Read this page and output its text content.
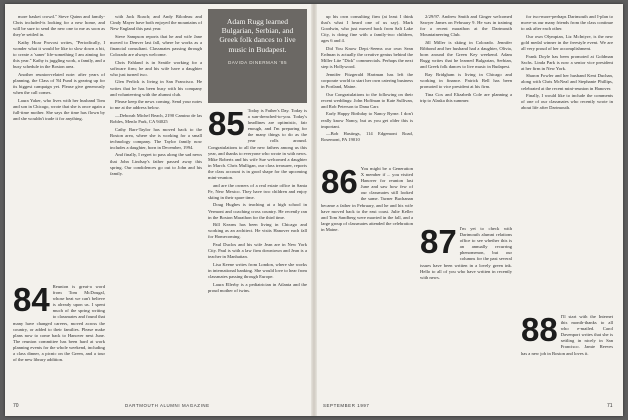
more basket crowd." Steve Quinn and family-Chris included-is looking for a new home, and will be sure to send the new one to me as soon as they're settled in.

Kathy Hoar Provost writes, "Periodically, I wonder what it would be like to slow down a bit, to create a 'saner' life-something I am aiming for this year." Kathy is juggling work, a family, and a busy schedule in the Boston area.

Another reunion-related note: after years of planning, the Class of '84 Fund is gearing up for its biggest campaign yet. Please give generously when the call comes.

Laura Yaker, who lives with her husband Tom and son in Chicago, wrote that she is once again a full-time mother. She says the time has flown by and she wouldn't trade it for anything.

84 Reunion is great-a word from Tom McDougal, whose beat we can't believe is already upon us. I spent much of the spring writing to classmates and found that many have changed careers, moved across the country, or added to their families. Please make plans now to come back to Hanover next June. The reunion committee has been hard at work planning events for the whole weekend, including a class dinner, a picnic on the Green, and a tour of the new library addition.

with Jack Roach; and Andy Bilodeau and Cindy Mayer have both enjoyed the mountains of New England this past year.

Steve Sampson reports that he and wife Jane moved to Denver last fall, where he works as a financial consultant. Classmates passing through Colorado are always welcome.

Chris Fahland is in Seattle working for a software firm; he and his wife have a daughter who just turned two.

Glen Perlick is living in San Francisco. He writes that he has been busy with his company and volunteering with the alumni club.

Please keep the news coming. Send your notes to me at the address below.

—Deborah Michel Beach, 2190 Camino de las Robles, Menlo Park, CA 94025

Cathy Barr-Taylor has moved back to the Boston area, where she is working for a small technology company. The Taylor family now includes a daughter, born in December, 1994.

And finally, I regret to pass along the sad news that John Lindsay's father passed away this spring. Our condolences go out to John and his family.

85 Today is Father's Day. Today is a sun-drenched-to-you. Today's headlines are optimistic, fair enough, and I'm preparing for the many things to do as the year rolls around. Congratulations to all the new fathers among us this year, and thanks to everyone who wrote in with news. Mike Roberts and his wife Sue welcomed a daughter in March. Chris Mulligan, our class treasurer, reports the class account is in good shape for the upcoming mini-reunion.

and are the owners of a real estate office in Santa Fe, New Mexico. They have two children and enjoy skiing in their spare time.

Doug Hughes is teaching at a high school in Vermont and coaching cross country. He recently ran in the Boston Marathon for the third time.

Bill Kearns has been living in Chicago and working as an architect. He visits Hanover each fall for Homecoming.

Paul Duclos and his wife Jean are in New York City. Paul is with a law firm downtown and Jean is a teacher in Manhattan.

Lisa Keene writes from London, where she works in international banking. She would love to hear from classmates passing through Europe.

Laura Ellerby is a pediatrician in Atlanta and the proud mother of twins.

Adam Rugg learned Bulgarian, Serbian, and Greek folk dances to live music in Budapest.
DAVIDA DINERMAN '85
70	DARTMOUTH ALUMNI MAGAZINE

up his own consulting firm (at least I think that's what I heard one of us say). Mark Goodwin, who just moved back from Salt Lake City, is doing fine with a family-two children, ages 6 and 4.

Did You Know Dept.-Seems our own Sean Erdman is actually the creative genius behind the Miller Lite "Dick" commercials. Perhaps the next step is Hollywood.

Jennifer Fitzgerald Hartman has left the corporate world to start her own catering business in Portland, Maine.

Our Congratulations to the following on their recent weddings: John Hoffman to Kate Sullivan, and Rob Peterson to Dana Carr.

Early Happy Birthday to Nancy Byrne. I don't really know Nancy, but as you get older this is important.

—Bob Hastings, 114 Edgemont Road, Rosemont, PA 19010

86 You might be a Generation X member if ... you visited Hanover for reunion last June and saw how few of our classmates still looked the same. Turner Buchanan became a father in February, and he and his wife have moved back to the east coast. Julie Keller and Tom Sandberg were married in the fall, and a large group of classmates attended the celebration in Maine.

2/29/97. Andrew Smith and Ginger welcomed Sawyer James on February 9. He was in training for a recent marathon at the Dartmouth Mountaineering Club.

Jill Miller is skiing in Colorado. Jennifer Ribbond and her husband had a daughter, Olivia, born around the Green Key weekend. Adam Rugg writes that he learned Bulgarian, Serbian, and Greek folk dances to live music in Budapest.

Ray Bridgham is living in Chicago and working in finance. Patrick Bell has been promoted to vice president at his firm.

Tina Cox and Elizabeth Cole are planning a trip to Alaska this summer.

87 I'm yet to check with Dartmouth alumni relations office to see whether this is an annually recurring phenomenon, but our columns for the past several issues have been written in a lovely green ink. Hello to all of you who have written in recently with news.

for two-more-perhaps Dartmouth and I-plan to move-as our many friends from the class continue to ask after each other.

Our own Olympian, Liz McIntyre, is the new gold medal winner in the freestyle event. We are all very proud of her accomplishment.

Frank Doyle has been promoted at Goldman Sachs. Linda Park is now a senior vice president at her firm in New York.

Sharon Fowler and her husband Kent Duchan, along with Chris McNeal and Stephanie Phillips, celebrated at the recent mini-reunion in Hanover.

Finally, I would like to include the comments of one of our classmates who recently wrote in about life after Dartmouth.

88 I'll start with the Internet this month-thanks to all who e-mailed. Carol Davenport writes that she is settling in nicely in San Francisco. Jamie Reeves has a new job in Boston and loves it.

SEPTEMBER 1997	71
